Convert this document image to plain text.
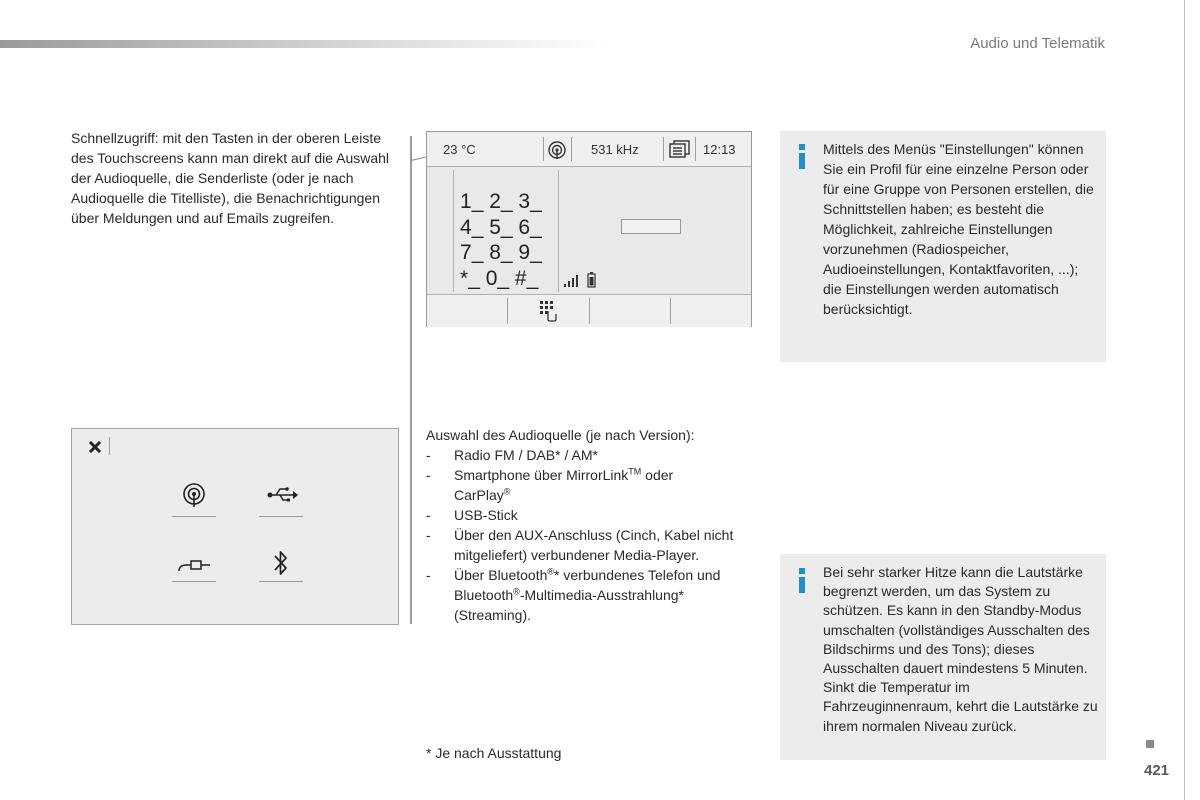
Audio und Telematik
Schnellzugriff: mit den Tasten in der oberen Leiste des Touchscreens kann man direkt auf die Auswahl der Audioquelle, die Senderliste (oder je nach Audioquelle die Titelliste), die Benachrichtigungen über Meldungen und auf Emails zugreifen.
23 °C	531 kHz	12:13
1_ 2_ 3_
4_ 5_ 6_
7_ 8_ 9_
*_ 0_ #_
Auswahl des Audioquelle (je nach Version):
- Radio FM / DAB* / AM*
- Smartphone über MirrorLink™ oder
CarPlay®
- USB-Stick
- Über den AUX-Anschluss (Cinch, Kabel nicht mitgeliefert) verbundener Media-Player.
- Über Bluetooth®* verbundenes Telefon und Bluetooth®-Multimedia-Ausstrahlung* (Streaming).
Mittels des Menüs "Einstellungen" können Sie ein Profil für eine einzelne Person oder für eine Gruppe von Personen erstellen, die Schnittstellen haben; es besteht die Möglichkeit, zahlreiche Einstellungen vorzunehmen (Radiospeicher, Audioeinstellungen, Kontaktfavoriten, ...); die Einstellungen werden automatisch berücksichtigt.
Bei sehr starker Hitze kann die Lautstärke begrenzt werden, um das System zu schützen. Es kann in den Standby-Modus umschalten (vollständiges Ausschalten des Bildschirms und des Tons); dieses Ausschalten dauert mindestens 5 Minuten. Sinkt die Temperatur im Fahrzeuginnenraum, kehrt die Lautstärke zu ihrem normalen Niveau zurück.
* Je nach Ausstattung
421
